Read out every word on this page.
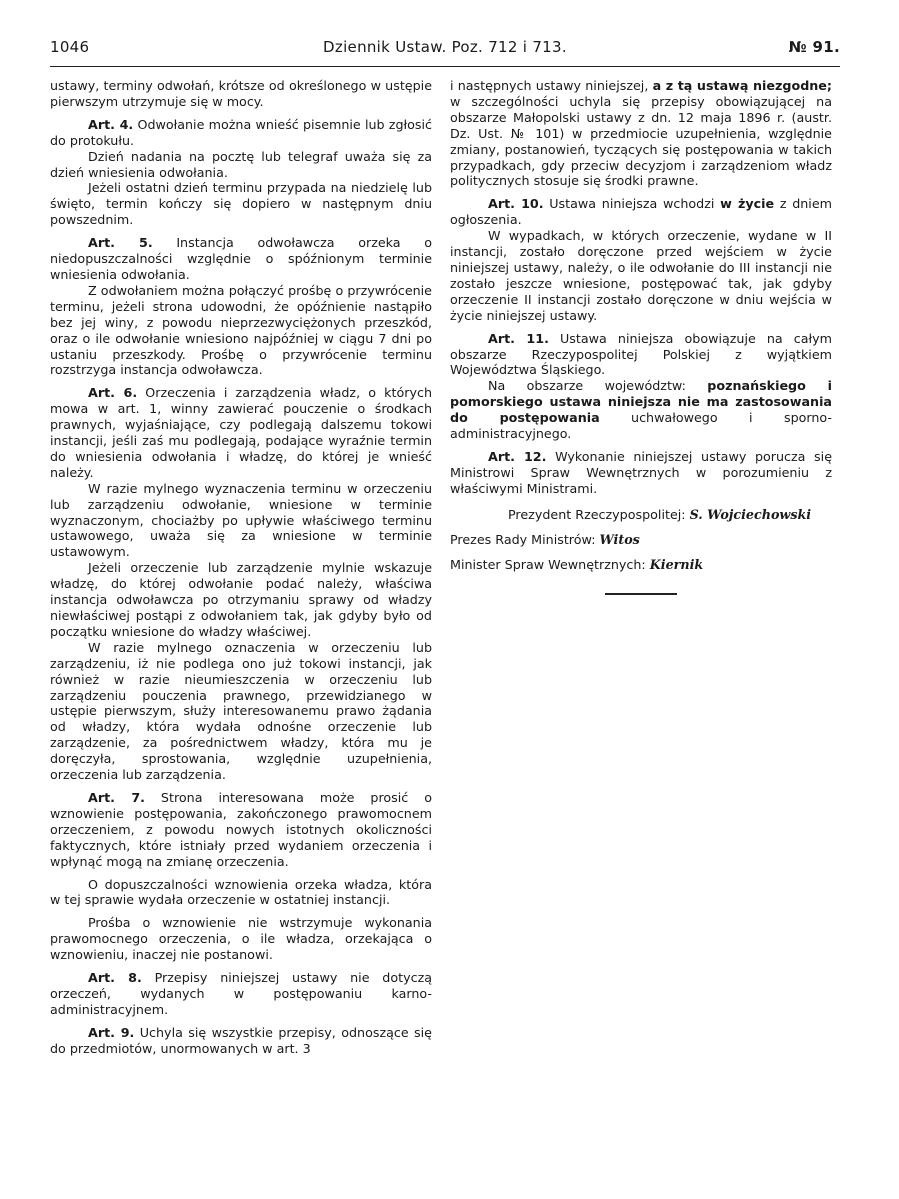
1046	Dziennik Ustaw. Poz. 712 i 713.	№ 91.

ustawy, terminy odwołań, krótsze od określonego w ustępie pierwszym utrzymuje się w mocy.

Art. 4. Odwołanie można wnieść pisemnie lub zgłosić do protokułu.

Dzień nadania na pocztę lub telegraf uważa się za dzień wniesienia odwołania.

Jeżeli ostatni dzień terminu przypada na niedzielę lub święto, termin kończy się dopiero w następnym dniu powszednim.

Art. 5. Instancja odwoławcza orzeka o niedopuszczalności względnie o spóźnionym terminie wniesienia odwołania.

Z odwołaniem można połączyć prośbę o przywrócenie terminu, jeżeli strona udowodni, że opóźnienie nastąpiło bez jej winy, z powodu nieprzezwyciężonych przeszkód, oraz o ile odwołanie wniesiono najpóźniej w ciągu 7 dni po ustaniu przeszkody. Prośbę o przywrócenie terminu rozstrzyga instancja odwoławcza.

Art. 6. Orzeczenia i zarządzenia władz, o których mowa w art. 1, winny zawierać pouczenie o środkach prawnych, wyjaśniające, czy podlegają dalszemu tokowi instancji, jeśli zaś mu podlegają, podające wyraźnie termin do wniesienia odwołania i władzę, do której je wnieść należy.

W razie mylnego wyznaczenia terminu w orzeczeniu lub zarządzeniu odwołanie, wniesione w terminie wyznaczonym, chociażby po upływie właściwego terminu ustawowego, uważa się za wniesione w terminie ustawowym.

Jeżeli orzeczenie lub zarządzenie mylnie wskazuje władzę, do której odwołanie podać należy, właściwa instancja odwoławcza po otrzymaniu sprawy od władzy niewłaściwej postąpi z odwołaniem tak, jak gdyby było od początku wniesione do władzy właściwej.

W razie mylnego oznaczenia w orzeczeniu lub zarządzeniu, iż nie podlega ono już tokowi instancji, jak również w razie nieumieszczenia w orzeczeniu lub zarządzeniu pouczenia prawnego, przewidzianego w ustępie pierwszym, służy interesowanemu prawo żądania od władzy, która wydała odnośne orzeczenie lub zarządzenie, za pośrednictwem władzy, która mu je doręczyła, sprostowania, względnie uzupełnienia, orzeczenia lub zarządzenia.

Art. 7. Strona interesowana może prosić o wznowienie postępowania, zakończonego prawomocnem orzeczeniem, z powodu nowych istotnych okoliczności faktycznych, które istniały przed wydaniem orzeczenia i wpłynąć mogą na zmianę orzeczenia.

O dopuszczalności wznowienia orzeka władza, która w tej sprawie wydała orzeczenie w ostatniej instancji.

Prośba o wznowienie nie wstrzymuje wykonania prawomocnego orzeczenia, o ile władza, orzekająca o wznowieniu, inaczej nie postanowi.

Art. 8. Przepisy niniejszej ustawy nie dotyczą orzeczeń, wydanych w postępowaniu karno-administracyjnem.

Art. 9. Uchyla się wszystkie przepisy, odnoszące się do przedmiotów, unormowanych w art. 3

i następnych ustawy niniejszej, a z tą ustawą niezgodne; w szczególności uchyla się przepisy obowiązującej na obszarze Małopolski ustawy z dn. 12 maja 1896 r. (austr. Dz. Ust. № 101) w przedmiocie uzupełnienia, względnie zmiany, postanowień, tyczących się postępowania w takich przypadkach, gdy przeciw decyzjom i zarządzeniom władz politycznych stosuje się środki prawne.

Art. 10. Ustawa niniejsza wchodzi w życie z dniem ogłoszenia.

W wypadkach, w których orzeczenie, wydane w II instancji, zostało doręczone przed wejściem w życie niniejszej ustawy, należy, o ile odwołanie do III instancji nie zostało jeszcze wniesione, postępować tak, jak gdyby orzeczenie II instancji zostało doręczone w dniu wejścia w życie niniejszej ustawy.

Art. 11. Ustawa niniejsza obowiązuje na całym obszarze Rzeczypospolitej Polskiej z wyjątkiem Województwa Śląskiego.

Na obszarze województw: poznańskiego i pomorskiego ustawa niniejsza nie ma zastosowania do postępowania uchwałowego i sporno-administracyjnego.

Art. 12. Wykonanie niniejszej ustawy porucza się Ministrowi Spraw Wewnętrznych w porozumieniu z właściwymi Ministrami.

Prezydent Rzeczypospolitej: S. Wojciechowski
Prezes Rady Ministrów: Witos
Minister Spraw Wewnętrznych: Kiernik
